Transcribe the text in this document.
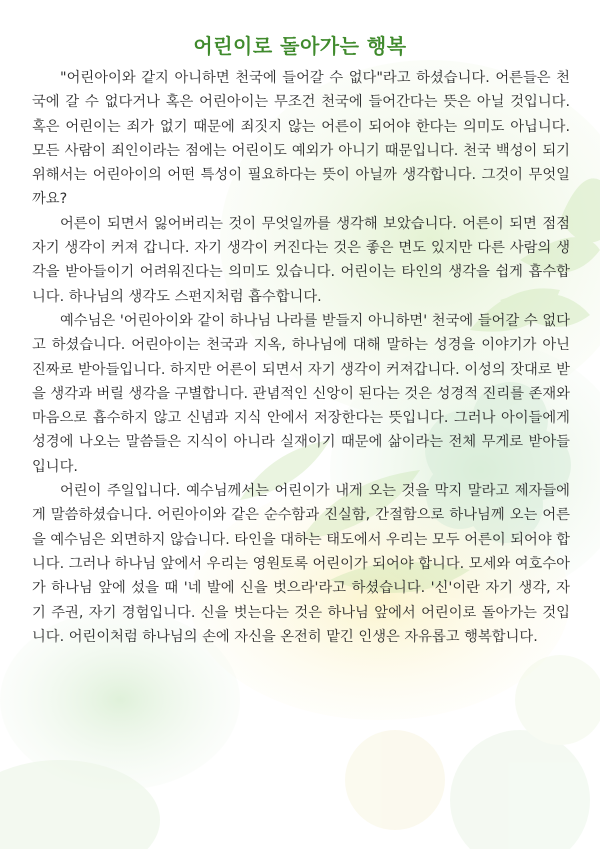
어린이로 돌아가는 행복

"어린아이와 같지 아니하면 천국에 들어갈 수 없다"라고 하셨습니다. 어른들은 천국에 갈 수 없다거나 혹은 어린아이는 무조건 천국에 들어간다는 뜻은 아닐 것입니다. 혹은 어린이는 죄가 없기 때문에 죄짓지 않는 어른이 되어야 한다는 의미도 아닙니다. 모든 사람이 죄인이라는 점에는 어린이도 예외가 아니기 때문입니다. 천국 백성이 되기 위해서는 어린아이의 어떤 특성이 필요하다는 뜻이 아닐까 생각합니다. 그것이 무엇일까요?

어른이 되면서 잃어버리는 것이 무엇일까를 생각해 보았습니다. 어른이 되면 점점 자기 생각이 커져 갑니다. 자기 생각이 커진다는 것은 좋은 면도 있지만 다른 사람의 생각을 받아들이기 어려워진다는 의미도 있습니다. 어린이는 타인의 생각을 쉽게 흡수합니다. 하나님의 생각도 스펀지처럼 흡수합니다.

예수님은 '어린아이와 같이 하나님 나라를 받들지 아니하면' 천국에 들어갈 수 없다고 하셨습니다. 어린아이는 천국과 지옥, 하나님에 대해 말하는 성경을 이야기가 아닌 진짜로 받아들입니다. 하지만 어른이 되면서 자기 생각이 커져갑니다. 이성의 잣대로 받을 생각과 버릴 생각을 구별합니다. 관념적인 신앙이 된다는 것은 성경적 진리를 존재와 마음으로 흡수하지 않고 신념과 지식 안에서 저장한다는 뜻입니다. 그러나 아이들에게 성경에 나오는 말씀들은 지식이 아니라 실재이기 때문에 삶이라는 전체 무게로 받아들입니다.

어린이 주일입니다. 예수님께서는 어린이가 내게 오는 것을 막지 말라고 제자들에게 말씀하셨습니다. 어린아이와 같은 순수함과 진실함, 간절함으로 하나님께 오는 어른을 예수님은 외면하지 않습니다. 타인을 대하는 태도에서 우리는 모두 어른이 되어야 합니다. 그러나 하나님 앞에서 우리는 영원토록 어린이가 되어야 합니다. 모세와 여호수아가 하나님 앞에 섰을 때 '네 발에 신을 벗으라'라고 하셨습니다. '신'이란 자기 생각, 자기 주권, 자기 경험입니다. 신을 벗는다는 것은 하나님 앞에서 어린이로 돌아가는 것입니다. 어린이처럼 하나님의 손에 자신을 온전히 맡긴 인생은 자유롭고 행복합니다.
